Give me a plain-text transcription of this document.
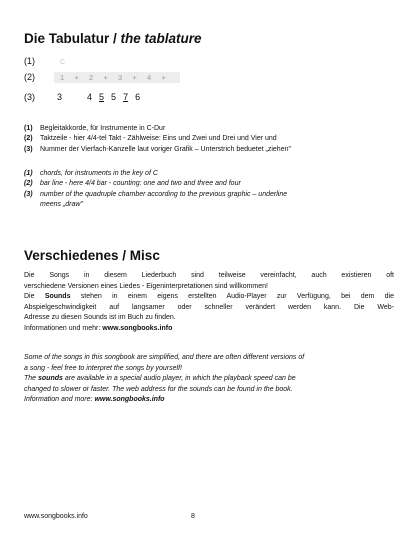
Die Tabulatur / the tablature
(1)	C
(2)	1 + 2 + 3 + 4 +
(3) 3	4 5 5 7 6
(1) Begleitakkorde, für Instrumente in C-Dur
(2) Taktzeile - hier 4/4-tel Takt - Zählweise: Eins und Zwei und Drei und Vier und
(3) Nummer der Vierfach-Kanzelle laut voriger Grafik – Unterstrich beduetet „ziehen"
(1) chords, for instruments in the key of C
(2) bar line - here 4/4 bar - counting: one and two and three and four
(3) number of the quadruple chamber according to the previous graphic – underline
meens „draw"
Verschiedenes / Misc
Die Songs in diesem Liederbuch sind teilweise vereinfacht, auch existieren oft
verschiedene Versionen eines Liedes - Eigeninterpretationen sind willkommen!
Die Sounds stehen in einem eigens erstellten Audio-Player zur Verfügung, bei dem die
Abspielgeschwindigkeit auf langsamer oder schneller verändert werden kann. Die Web-
Adresse zu diesen Sounds ist im Buch zu finden.
Informationen und mehr: www.songbooks.info
Some of the songs in this songbook are simplified, and there are often different versions of
a song - feel free to interpret the songs by yourself!
The sounds are available in a special audio player, in which the playback speed can be
changed to slower or faster. The web address for the sounds can be found in the book.
Information and more: www.songbooks.info
www.songbooks.info	8
